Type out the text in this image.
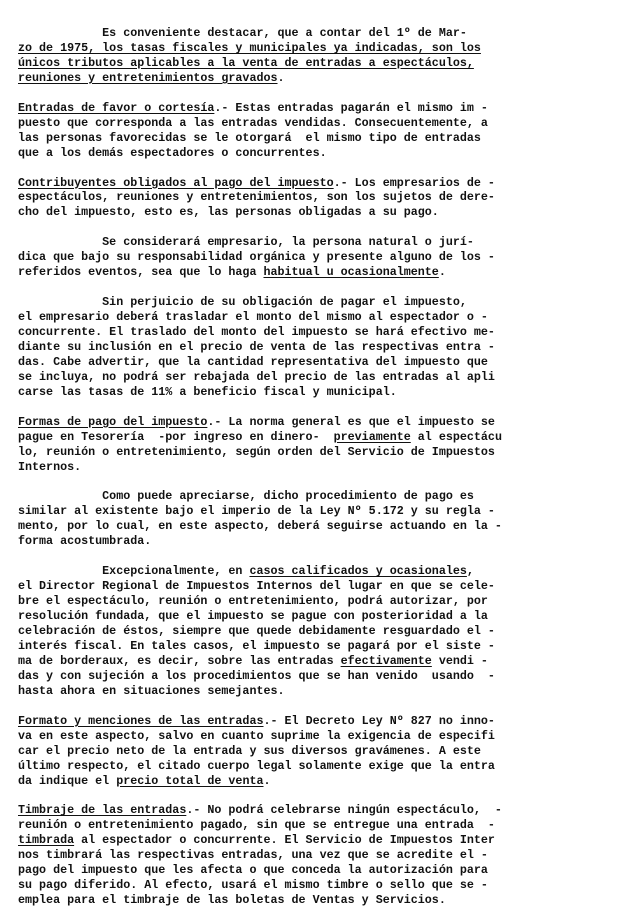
Es conveniente destacar, que a contar del 1º de Mar-
zo de 1975, los tasas fiscales y municipales ya indicadas, son los
únicos tributos aplicables a la venta de entradas a espectáculos,
reuniones y entretenimientos gravados.
Entradas de favor o cortesía.- Estas entradas pagarán el mismo im -
puesto que corresponda a las entradas vendidas. Consecuentemente, a
las personas favorecidas se le otorgará  el mismo tipo de entradas
que a los demás espectadores o concurrentes.
Contribuyentes obligados al pago del impuesto.- Los empresarios de -
espectáculos, reuniones y entretenimientos, son los sujetos de dere-
cho del impuesto, esto es, las personas obligadas a su pago.
Se considerará empresario, la persona natural o jurí-
dica que bajo su responsabilidad orgánica y presente alguno de los -
referidos eventos, sea que lo haga habitual u ocasionalmente.
Sin perjuicio de su obligación de pagar el impuesto,
el empresario deberá trasladar el monto del mismo al espectador o -
concurrente. El traslado del monto del impuesto se hará efectivo me-
diante su inclusión en el precio de venta de las respectivas entra -
das. Cabe advertir, que la cantidad representativa del impuesto que
se incluya, no podrá ser rebajada del precio de las entradas al apli
carse las tasas de 11% a beneficio fiscal y municipal.
Formas de pago del impuesto.- La norma general es que el impuesto se
pague en Tesorería  -por ingreso en dinero-  previamente al espectácu
lo, reunión o entretenimiento, según orden del Servicio de Impuestos
Internos.
Como puede apreciarse, dicho procedimiento de pago es
similar al existente bajo el imperio de la Ley Nº 5.172 y su regla -
mento, por lo cual, en este aspecto, deberá seguirse actuando en la -
forma acostumbrada.
Excepcionalmente, en casos calificados y ocasionales,
el Director Regional de Impuestos Internos del lugar en que se cele-
bre el espectáculo, reunión o entretenimiento, podrá autorizar, por
resolución fundada, que el impuesto se pague con posterioridad a la
celebración de éstos, siempre que quede debidamente resguardado el -
interés fiscal. En tales casos, el impuesto se pagará por el siste -
ma de borderaux, es decir, sobre las entradas efectivamente vendi -
das y con sujeción a los procedimientos que se han venido  usando  -
hasta ahora en situaciones semejantes.
Formato y menciones de las entradas.- El Decreto Ley Nº 827 no inno-
va en este aspecto, salvo en cuanto suprime la exigencia de especifi
car el precio neto de la entrada y sus diversos gravámenes. A este
último respecto, el citado cuerpo legal solamente exige que la entra
da indique el precio total de venta.
Timbraje de las entradas.- No podrá celebrarse ningún espectáculo,  -
reunión o entretenimiento pagado, sin que se entregue una entrada  -
timbrada al espectador o concurrente. El Servicio de Impuestos Inter
nos timbrará las respectivas entradas, una vez que se acredite el -
pago del impuesto que les afecta o que conceda la autorización para
su pago diferido. Al efecto, usará el mismo timbre o sello que se -
emplea para el timbraje de las boletas de Ventas y Servicios.
